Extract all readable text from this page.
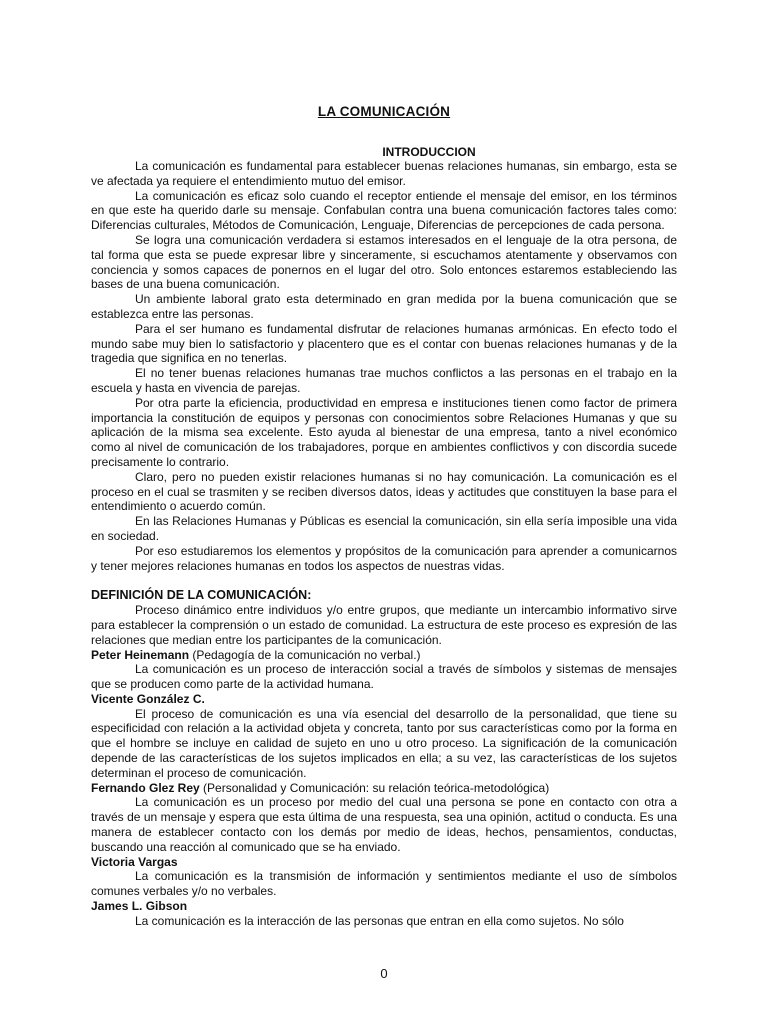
LA COMUNICACIÓN
INTRODUCCION

La comunicación es fundamental para establecer buenas relaciones humanas, sin embargo, esta se ve afectada ya requiere el entendimiento mutuo del emisor.

La comunicación es eficaz solo cuando el receptor entiende el mensaje del emisor, en los términos en que este ha querido darle su mensaje. Confabulan contra una buena comunicación factores tales como: Diferencias culturales, Métodos de Comunicación, Lenguaje, Diferencias de percepciones de cada persona.

Se logra una comunicación verdadera si estamos interesados en el lenguaje de la otra persona, de tal forma que esta se puede expresar libre y sinceramente, si escuchamos atentamente y observamos con conciencia y somos capaces de ponernos en el lugar del otro. Solo entonces estaremos estableciendo las bases de una buena comunicación.

Un ambiente laboral grato esta determinado en gran medida por la buena comunicación que se establezca entre las personas.

Para el ser humano es fundamental disfrutar de relaciones humanas armónicas. En efecto todo el mundo sabe muy bien lo satisfactorio y placentero que es el contar con buenas relaciones humanas y de la tragedia que significa en no tenerlas.

El no tener buenas relaciones humanas trae muchos conflictos a las personas en el trabajo en la escuela y hasta en vivencia de parejas.

Por otra parte la eficiencia, productividad en empresa e instituciones tienen como factor de primera importancia la constitución de equipos y personas con conocimientos sobre Relaciones Humanas y que su aplicación de la misma sea excelente. Esto ayuda al bienestar de una empresa, tanto a nivel económico como al nivel de comunicación de los trabajadores, porque en ambientes conflictivos y con discordia sucede precisamente lo contrario.

Claro, pero no pueden existir relaciones humanas si no hay comunicación. La comunicación es el proceso en el cual se trasmiten y se reciben diversos datos, ideas y actitudes que constituyen la base para el entendimiento o acuerdo común.

En las Relaciones Humanas y Públicas es esencial la comunicación, sin ella sería imposible una vida en sociedad.

Por eso estudiaremos los elementos y propósitos de la comunicación para aprender a comunicarnos y tener mejores relaciones humanas en todos los aspectos de nuestras vidas.

DEFINICIÓN DE LA COMUNICACIÓN:

Proceso dinámico entre individuos y/o entre grupos, que mediante un intercambio informativo sirve para establecer la comprensión o un estado de comunidad. La estructura de este proceso es expresión de las relaciones que median entre los participantes de la comunicación.

Peter Heinemann (Pedagogía de la comunicación no verbal.)

La comunicación es un proceso de interacción social a través de símbolos y sistemas de mensajes que se producen como parte de la actividad humana.

Vicente González C.

El proceso de comunicación es una vía esencial del desarrollo de la personalidad, que tiene su especificidad con relación a la actividad objeta y concreta, tanto por sus características como por la forma en que el hombre se incluye en calidad de sujeto en uno u otro proceso. La significación de la comunicación depende de las características de los sujetos implicados en ella; a su vez, las características de los sujetos determinan el proceso de comunicación.

Fernando Glez Rey (Personalidad y Comunicación: su relación teórica-metodológica)

La comunicación es un proceso por medio del cual una persona se pone en contacto con otra a través de un mensaje y espera que esta última de una respuesta, sea una opinión, actitud o conducta. Es una manera de establecer contacto con los demás por medio de ideas, hechos, pensamientos, conductas, buscando una reacción al comunicado que se ha enviado.

Victoria Vargas

La comunicación es la transmisión de información y sentimientos mediante el uso de símbolos comunes verbales y/o no verbales.

James L. Gibson

La comunicación es la interacción de las personas que entran en ella como sujetos. No sólo

0
